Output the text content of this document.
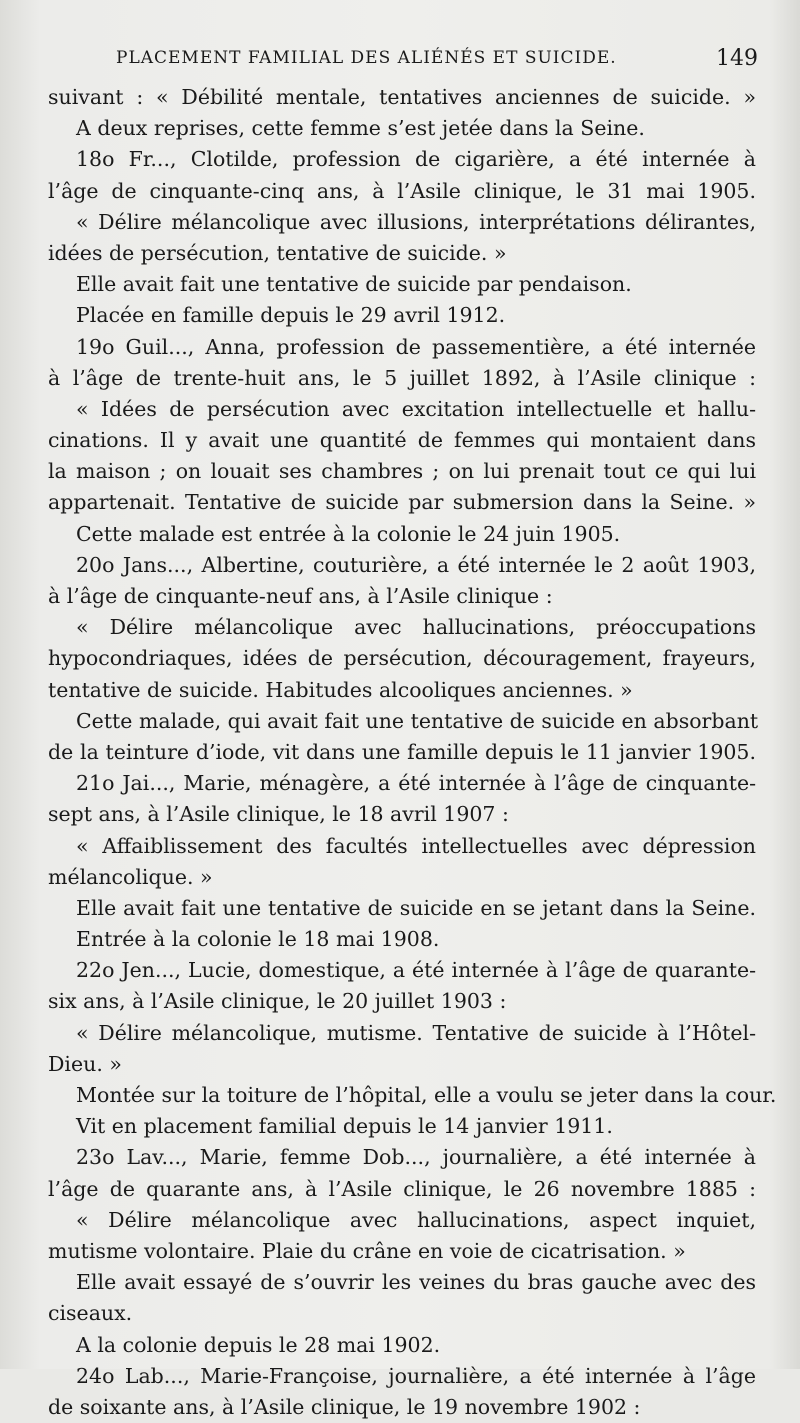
PLACEMENT FAMILIAL DES ALIÉNÉS ET SUICIDE.	149
suivant : « Débilité mentale, tentatives anciennes de suicide. »
A deux reprises, cette femme s’est jetée dans la Seine.
18o Fr..., Clotilde, profession de cigarière, a été internée à
l’âge de cinquante-cinq ans, à l’Asile clinique, le 31 mai 1905.
« Délire mélancolique avec illusions, interprétations délirantes,
idées de persécution, tentative de suicide. »
Elle avait fait une tentative de suicide par pendaison.
Placée en famille depuis le 29 avril 1912.
19o Guil..., Anna, profession de passementière, a été internée
à l’âge de trente-huit ans, le 5 juillet 1892, à l’Asile clinique :
« Idées de persécution avec excitation intellectuelle et hallu-
cinations. Il y avait une quantité de femmes qui montaient dans
la maison ; on louait ses chambres ; on lui prenait tout ce qui lui
appartenait. Tentative de suicide par submersion dans la Seine. »
Cette malade est entrée à la colonie le 24 juin 1905.
20o Jans..., Albertine, couturière, a été internée le 2 août 1903,
à l’âge de cinquante-neuf ans, à l’Asile clinique :
« Délire mélancolique avec hallucinations, préoccupations
hypocondriaques, idées de persécution, découragement, frayeurs,
tentative de suicide. Habitudes alcooliques anciennes. »
Cette malade, qui avait fait une tentative de suicide en absorbant
de la teinture d’iode, vit dans une famille depuis le 11 janvier 1905.
21o Jai..., Marie, ménagère, a été internée à l’âge de cinquante-
sept ans, à l’Asile clinique, le 18 avril 1907 :
« Affaiblissement des facultés intellectuelles avec dépression
mélancolique. »
Elle avait fait une tentative de suicide en se jetant dans la Seine.
Entrée à la colonie le 18 mai 1908.
22o Jen..., Lucie, domestique, a été internée à l’âge de quarante-
six ans, à l’Asile clinique, le 20 juillet 1903 :
« Délire mélancolique, mutisme. Tentative de suicide à l’Hôtel-
Dieu. »
Montée sur la toiture de l’hôpital, elle a voulu se jeter dans la cour.
Vit en placement familial depuis le 14 janvier 1911.
23o Lav..., Marie, femme Dob..., journalière, a été internée à
l’âge de quarante ans, à l’Asile clinique, le 26 novembre 1885 :
« Délire mélancolique avec hallucinations, aspect inquiet,
mutisme volontaire. Plaie du crâne en voie de cicatrisation. »
Elle avait essayé de s’ouvrir les veines du bras gauche avec des
ciseaux.
A la colonie depuis le 28 mai 1902.
24o Lab..., Marie-Françoise, journalière, a été internée à l’âge
de soixante ans, à l’Asile clinique, le 19 novembre 1902 :
